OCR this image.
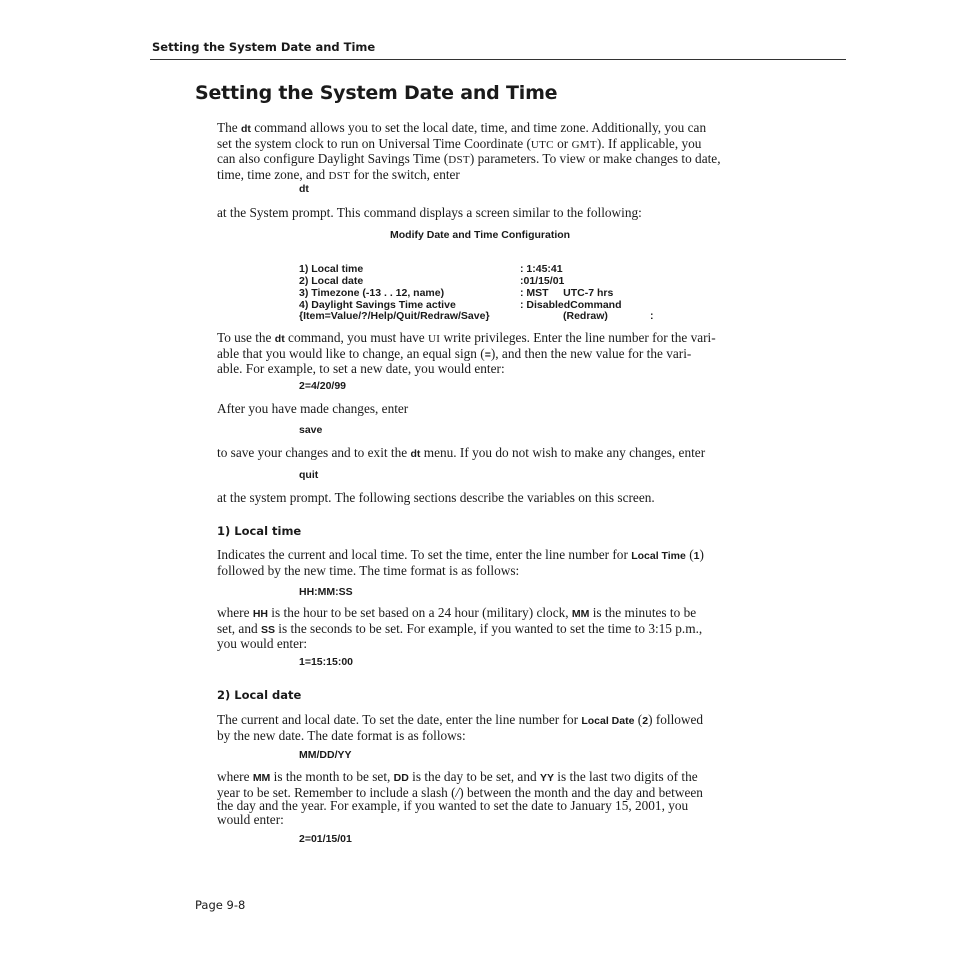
Setting the System Date and Time
Setting the System Date and Time
The dt command allows you to set the local date, time, and time zone. Additionally, you can
set the system clock to run on Universal Time Coordinate (UTC or GMT). If applicable, you
can also configure Daylight Savings Time (DST) parameters. To view or make changes to date,
time, time zone, and DST for the switch, enter
dt
at the System prompt. This command displays a screen similar to the following:
Modify Date and Time Configuration
1) Local time	: 1:45:41
2) Local date	:01/15/01
3) Timezone (-13 . . 12, name)	: MST     UTC-7 hrs
4) Daylight Savings Time active	: DisabledCommand
{Item=Value/?/Help/Quit/Redraw/Save}	(Redraw)	:
To use the dt command, you must have UI write privileges. Enter the line number for the vari-
able that you would like to change, an equal sign (=), and then the new value for the vari-
able. For example, to set a new date, you would enter:
2=4/20/99
After you have made changes, enter
save
to save your changes and to exit the dt menu. If you do not wish to make any changes, enter
quit
at the system prompt. The following sections describe the variables on this screen.
1) Local time
Indicates the current and local time. To set the time, enter the line number for Local Time (1)
followed by the new time. The time format is as follows:
HH:MM:SS
where HH is the hour to be set based on a 24 hour (military) clock, MM is the minutes to be
set, and SS is the seconds to be set. For example, if you wanted to set the time to 3:15 p.m.,
you would enter:
1=15:15:00
2) Local date
The current and local date. To set the date, enter the line number for Local Date (2) followed
by the new date. The date format is as follows:
MM/DD/YY
where MM is the month to be set, DD is the day to be set, and YY is the last two digits of the
year to be set. Remember to include a slash (/) between the month and the day and between
the day and the year. For example, if you wanted to set the date to January 15, 2001, you
would enter:
2=01/15/01
Page 9-8
